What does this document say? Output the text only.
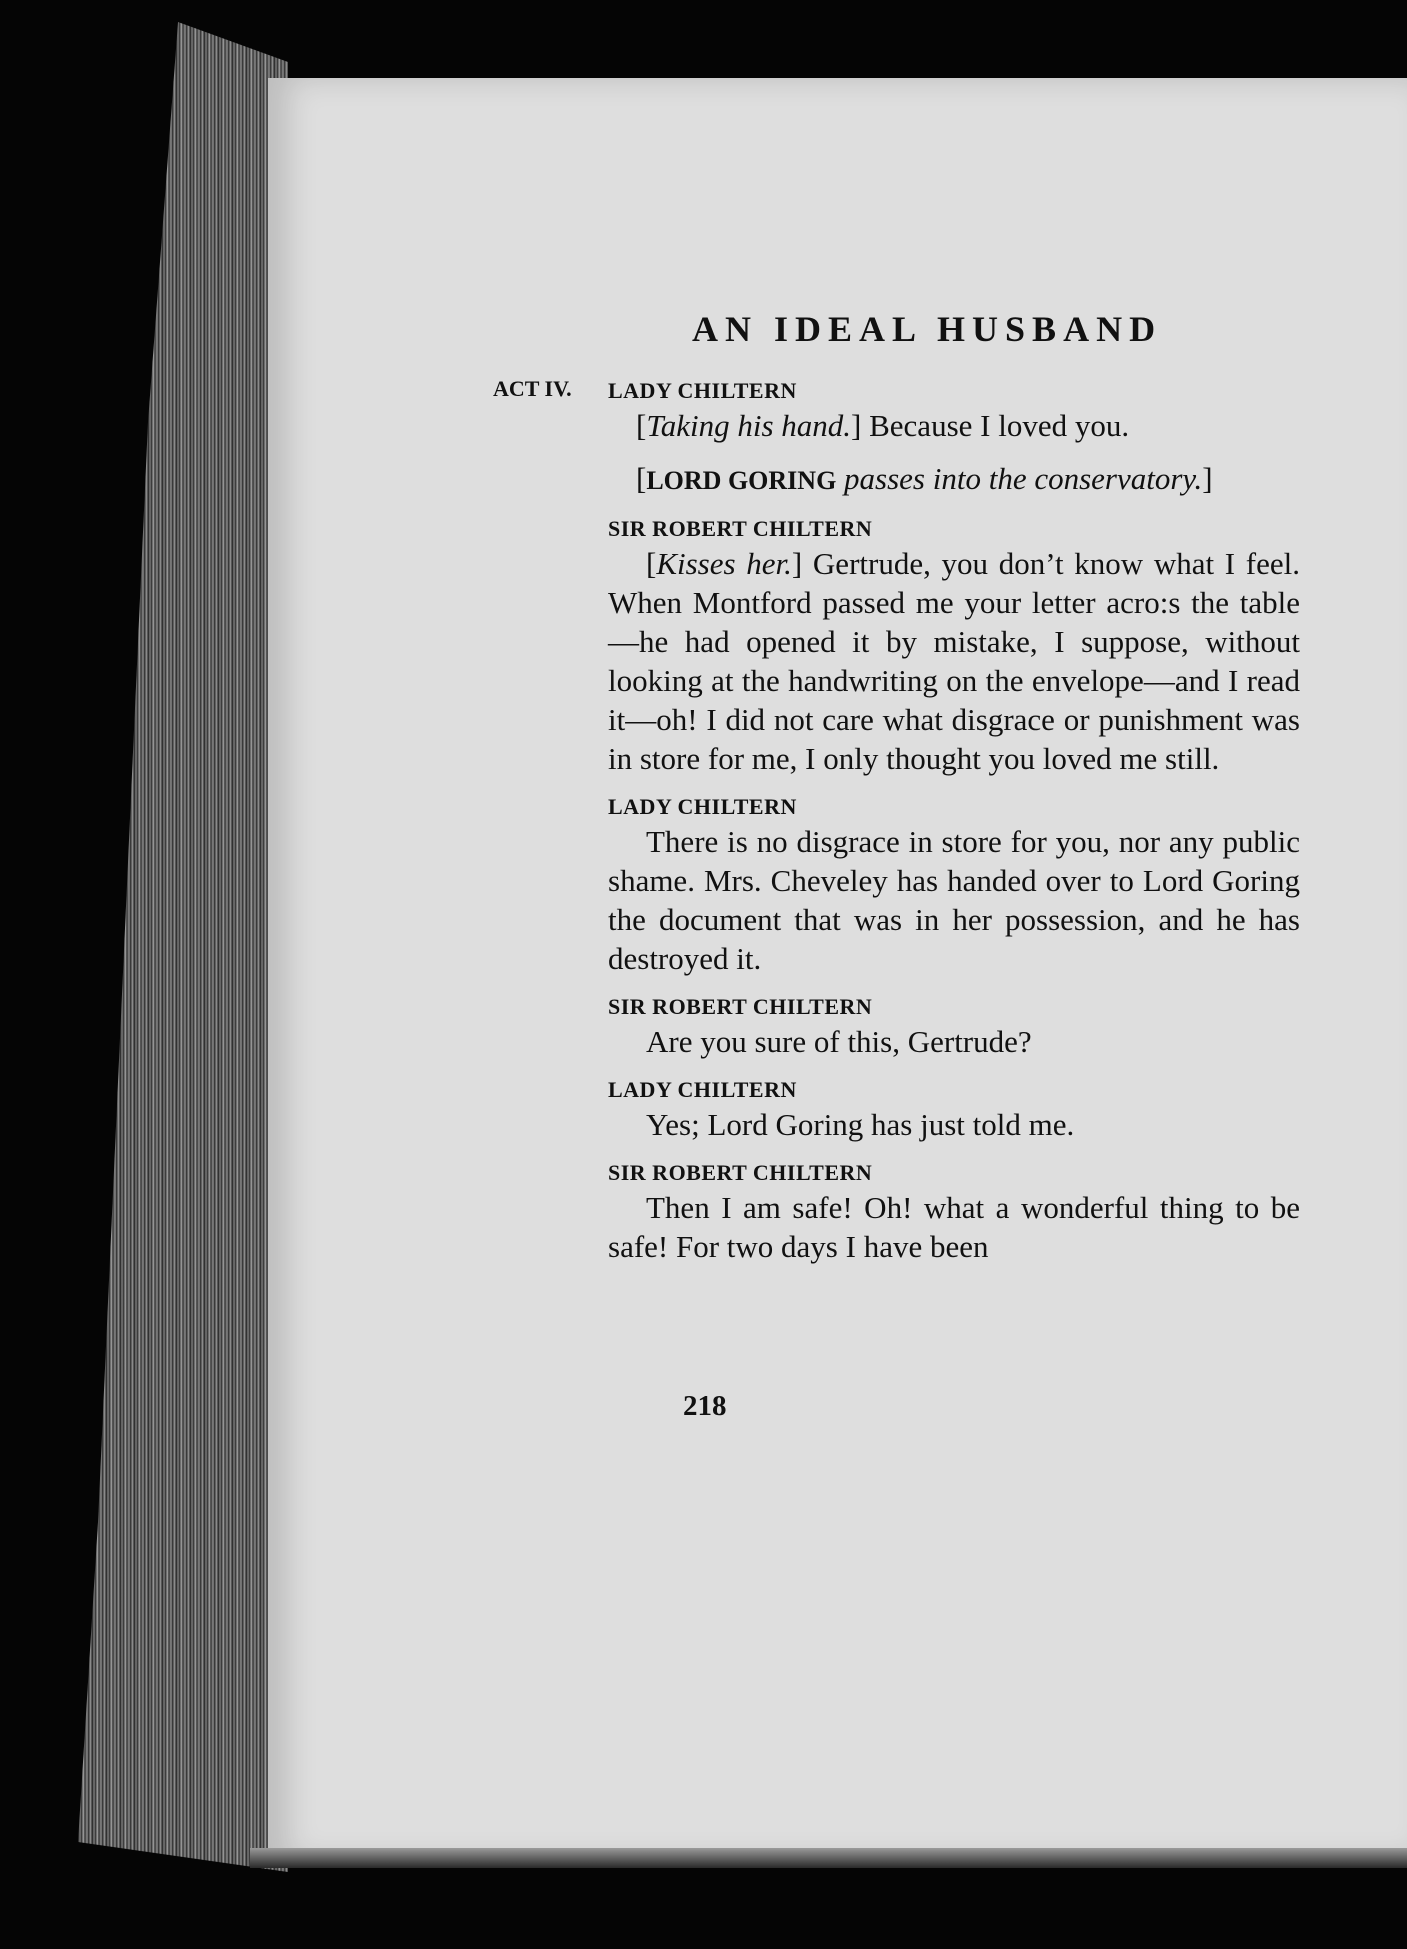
AN IDEAL HUSBAND
ACT IV. LADY CHILTERN

[Taking his hand.] Because I loved you.

[LORD GORING passes into the conservatory.]

SIR ROBERT CHILTERN

[Kisses her.] Gertrude, you don’t know what I feel. When Montford passed me your letter acro:s the table—he had opened it by mistake, I suppose, without looking at the handwriting on the envelope—and I read it—oh! I did not care what disgrace or punishment was in store for me, I only thought you loved me still.

LADY CHILTERN

There is no disgrace in store for you, nor any public shame. Mrs. Cheveley has handed over to Lord Goring the document that was in her possession, and he has destroyed it.

SIR ROBERT CHILTERN

Are you sure of this, Gertrude?

LADY CHILTERN

Yes; Lord Goring has just told me.

SIR ROBERT CHILTERN

Then I am safe! Oh! what a wonderful thing to be safe! For two days I have been

218
